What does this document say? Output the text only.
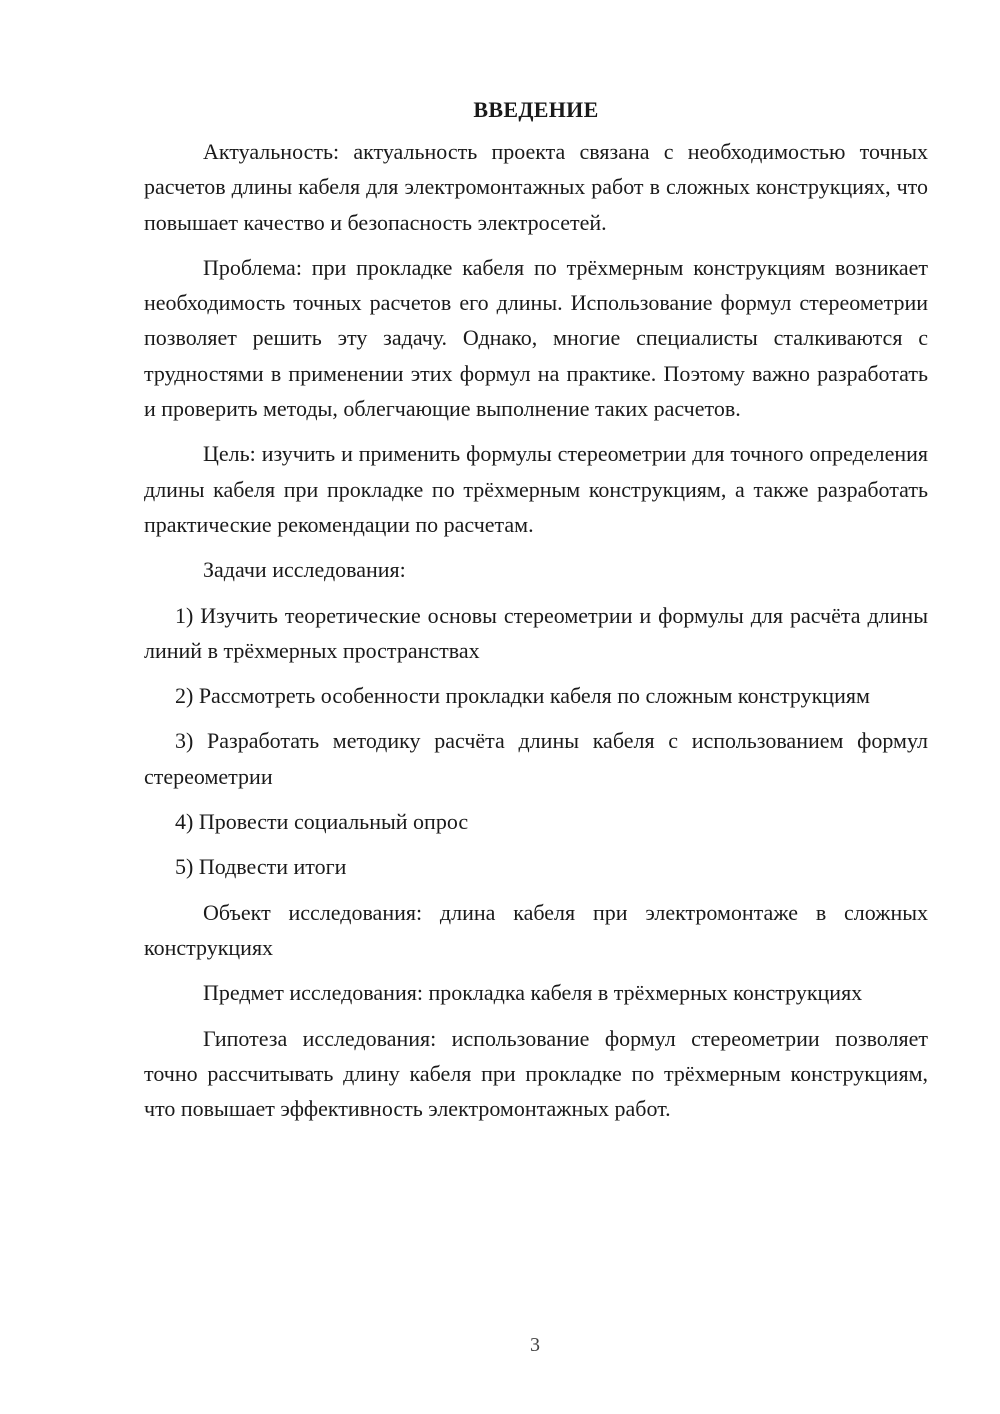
ВВЕДЕНИЕ

Актуальность: актуальность проекта связана с необходимостью точных расчетов длины кабеля для электромонтажных работ в сложных конструкциях, что повышает качество и безопасность электросетей.

Проблема: при прокладке кабеля по трёхмерным конструкциям возникает необходимость точных расчетов его длины. Использование формул стереометрии позволяет решить эту задачу. Однако, многие специалисты сталкиваются с трудностями в применении этих формул на практике. Поэтому важно разработать и проверить методы, облегчающие выполнение таких расчетов.

Цель: изучить и применить формулы стереометрии для точного определения длины кабеля при прокладке по трёхмерным конструкциям, а также разработать практические рекомендации по расчетам.

Задачи исследования:

1) Изучить теоретические основы стереометрии и формулы для расчёта длины линий в трёхмерных пространствах

2) Рассмотреть особенности прокладки кабеля по сложным конструкциям

3) Разработать методику расчёта длины кабеля с использованием формул стереометрии

4) Провести социальный опрос

5) Подвести итоги

Объект исследования: длина кабеля при электромонтаже в сложных конструкциях

Предмет исследования: прокладка кабеля в трёхмерных конструкциях

Гипотеза исследования: использование формул стереометрии позволяет точно рассчитывать длину кабеля при прокладке по трёхмерным конструкциям, что повышает эффективность электромонтажных работ.

3
